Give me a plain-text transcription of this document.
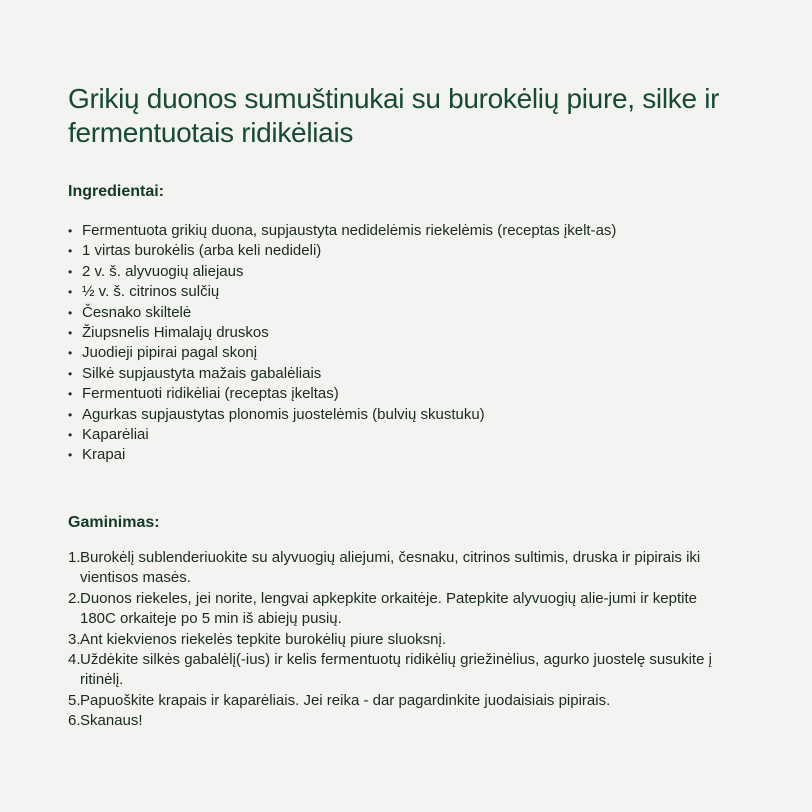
Grikių duonos sumuštinukai su burokėlių piure, silke ir fermentuotais ridikėliais
Ingredientai:
• Fermentuota grikių duona, supjaustyta nedidelėmis riekelėmis (receptas įkelt-as)
• 1 virtas burokėlis (arba keli nedideli)
• 2 v. š. alyvuogių aliejaus
• ½ v. š. citrinos sulčių
• Česnako skiltelė
• Žiupsnelis Himalajų druskos
• Juodieji pipirai pagal skonį
• Silkė supjaustyta mažais gabalėliais
• Fermentuoti ridikėliai (receptas įkeltas)
• Agurkas supjaustytas plonomis juostelėmis (bulvių skustuku)
• Kaparėliai
• Krapai
Gaminimas:
1. Burokėlį sublenderiuokite su alyvuogių aliejumi, česnaku, citrinos sultimis, druska ir pipirais iki vientisos masės.
2. Duonos riekeles, jei norite, lengvai apkepkite orkaitėje. Patepkite alyvuogių alie-jumi ir keptite 180C orkaiteje po 5 min iš abiejų pusių.
3. Ant kiekvienos riekelės tepkite burokėlių piure sluoksnį.
4. Uždėkite silkės gabalėlį(-ius) ir kelis fermentuotų ridikėlių griežinėlius, agurko juostelę susukite į ritinėlį.
5. Papuoškite krapais ir kaparėliais. Jei reika - dar pagardinkite juodaisiais pipirais.
6. Skanaus!
